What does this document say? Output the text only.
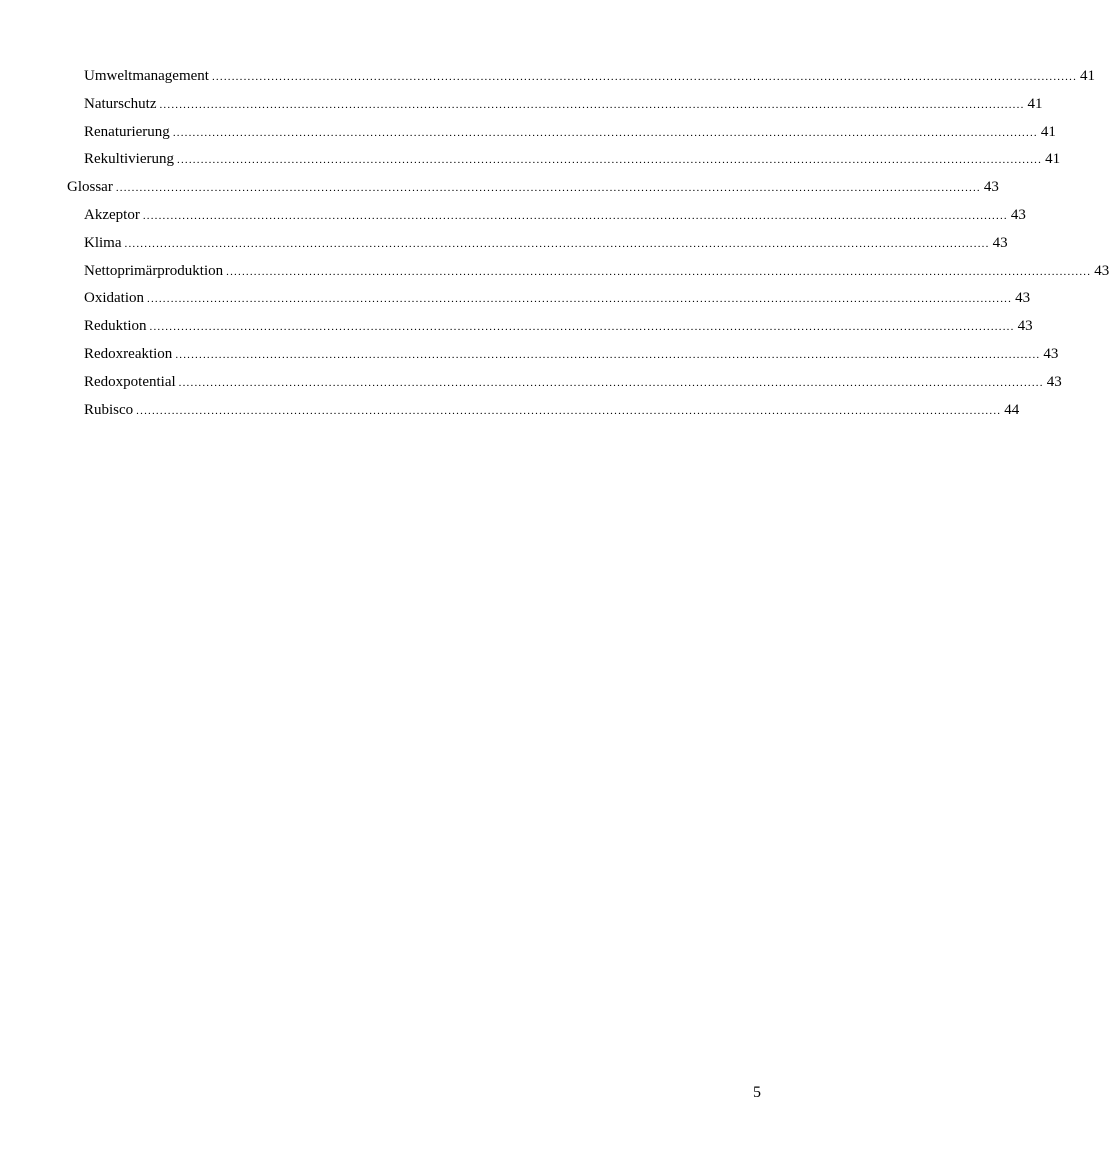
Umweltmanagement ........................................................................................................................................................................................................................... 41
Naturschutz ........................................................................................................................................................................................................................... 41
Renaturierung ........................................................................................................................................................................................................................... 41
Rekultivierung ........................................................................................................................................................................................................................... 41
Glossar ........................................................................................................................................................................................................................... 43
Akzeptor ........................................................................................................................................................................................................................... 43
Klima ........................................................................................................................................................................................................................... 43
Nettoprimärproduktion ........................................................................................................................................................................................................................... 43
Oxidation ........................................................................................................................................................................................................................... 43
Reduktion ........................................................................................................................................................................................................................... 43
Redoxreaktion ........................................................................................................................................................................................................................... 43
Redoxpotential ........................................................................................................................................................................................................................... 43
Rubisco ........................................................................................................................................................................................................................... 44
5
